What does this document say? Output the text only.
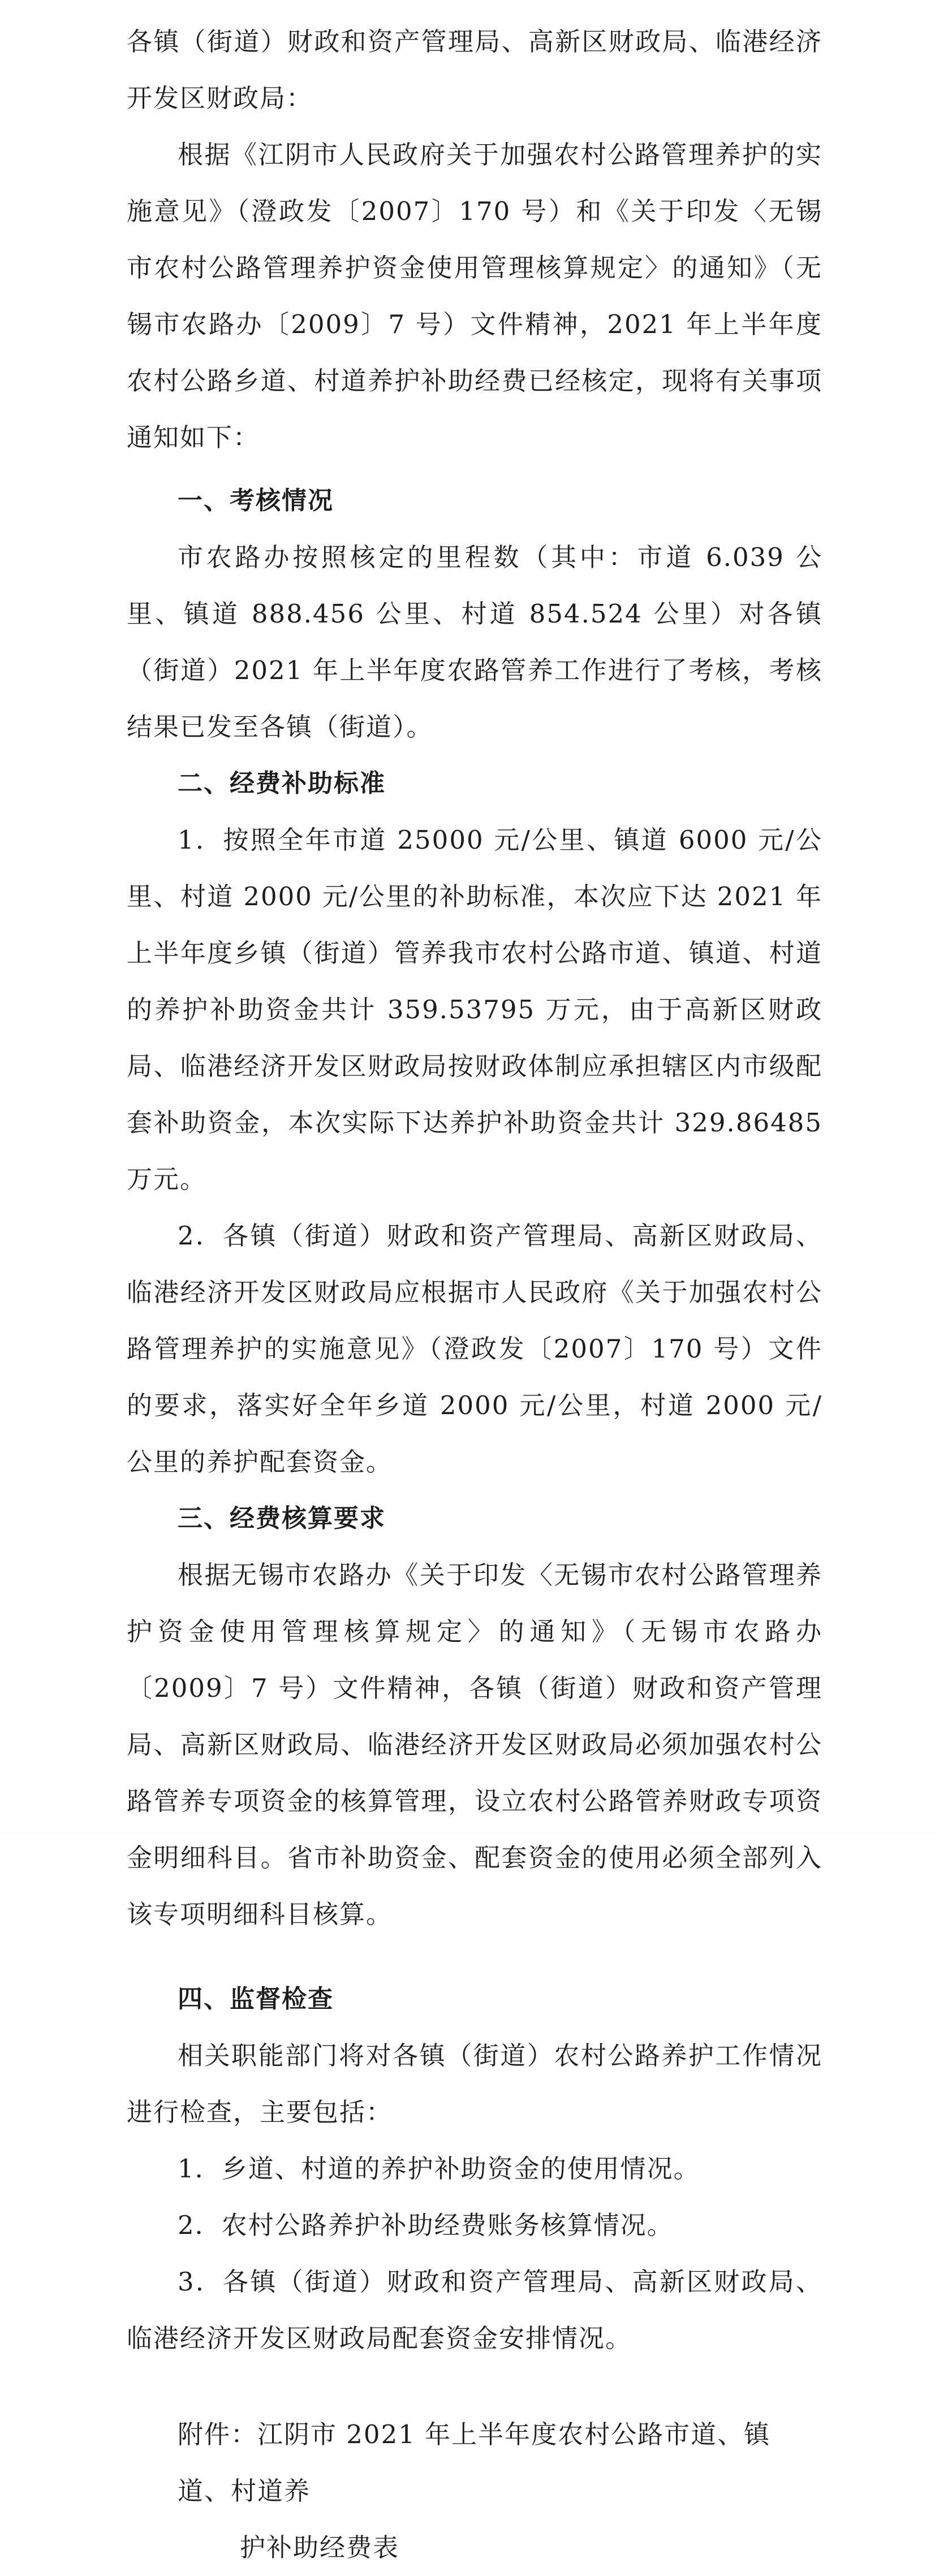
各镇（街道）财政和资产管理局、高新区财政局、临港经济开发区财政局：

根据《江阴市人民政府关于加强农村公路管理养护的实施意见》（澄政发〔2007〕170 号）和《关于印发〈无锡市农村公路管理养护资金使用管理核算规定〉的通知》（无锡市农路办〔2009〕7 号）文件精神，2021 年上半年度农村公路乡道、村道养护补助经费已经核定，现将有关事项通知如下：

一、考核情况

市农路办按照核定的里程数（其中：市道 6.039 公里、镇道 888.456 公里、村道 854.524 公里）对各镇（街道）2021 年上半年度农路管养工作进行了考核，考核结果已发至各镇（街道）。

二、经费补助标准

1．按照全年市道 25000 元/公里、镇道 6000 元/公里、村道 2000 元/公里的补助标准，本次应下达 2021 年上半年度乡镇（街道）管养我市农村公路市道、镇道、村道的养护补助资金共计 359.53795 万元，由于高新区财政局、临港经济开发区财政局按财政体制应承担辖区内市级配套补助资金，本次实际下达养护补助资金共计 329.86485 万元。

2．各镇（街道）财政和资产管理局、高新区财政局、临港经济开发区财政局应根据市人民政府《关于加强农村公路管理养护的实施意见》（澄政发〔2007〕170 号）文件的要求，落实好全年乡道 2000 元/公里，村道 2000 元/公里的养护配套资金。

三、经费核算要求

根据无锡市农路办《关于印发〈无锡市农村公路管理养护资金使用管理核算规定〉的通知》（无锡市农路办〔2009〕7 号）文件精神，各镇（街道）财政和资产管理局、高新区财政局、临港经济开发区财政局必须加强农村公路管养专项资金的核算管理，设立农村公路管养财政专项资金明细科目。省市补助资金、配套资金的使用必须全部列入该专项明细科目核算。

四、监督检查

相关职能部门将对各镇（街道）农村公路养护工作情况进行检查，主要包括：

1．乡道、村道的养护补助资金的使用情况。

2．农村公路养护补助经费账务核算情况。

3．各镇（街道）财政和资产管理局、高新区财政局、临港经济开发区财政局配套资金安排情况。

附件：江阴市 2021 年上半年度农村公路市道、镇道、村道养
护补助经费表
